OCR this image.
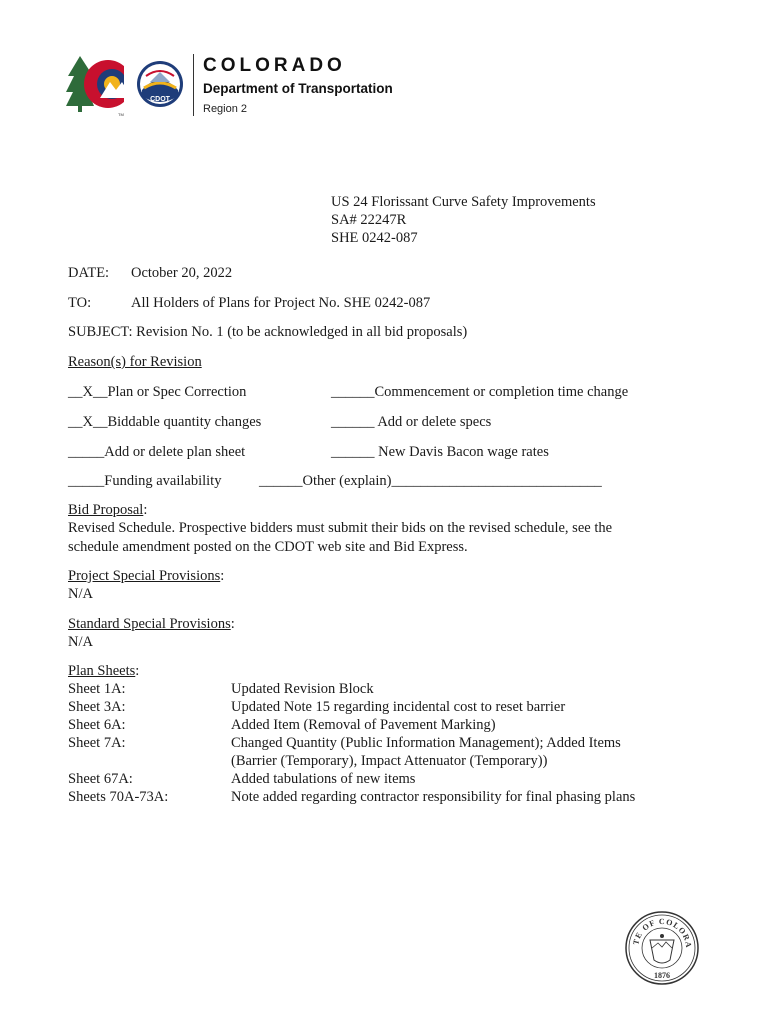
CDOT
TM
COLORADO
Department of Transportation
Region 2
US 24 Florissant Curve Safety Improvements
SA# 22247R
SHE 0242-087
DATE: October 20, 2022
TO:	All Holders of Plans for Project No. SHE 0242-087
SUBJECT: Revision No. 1 (to be acknowledged in all bid proposals)
Reason(s) for Revision
__X__Plan or Spec Correction	______Commencement or completion time change
__X__Biddable quantity changes	______ Add or delete specs
_____Add or delete plan sheet	______ New Davis Bacon wage rates
_____Funding availability	______Other (explain)_____________________________
Bid Proposal:
Revised Schedule. Prospective bidders must submit their bids on the revised schedule, see the
schedule amendment posted on the CDOT web site and Bid Express.
Project Special Provisions:
N/A
Standard Special Provisions:
N/A
Plan Sheets:
Sheet 1A:	Updated Revision Block
Sheet 3A:	Updated Note 15 regarding incidental cost to reset barrier
Sheet 6A:	Added Item (Removal of Pavement Marking)
Sheet 7A:	Changed Quantity (Public Information Management); Added Items
(Barrier (Temporary), Impact Attenuator (Temporary))
Sheet 67A:	Added tabulations of new items
Sheets 70A-73A:	Note added regarding contractor responsibility for final phasing plans
TE OF COLORA
1876
